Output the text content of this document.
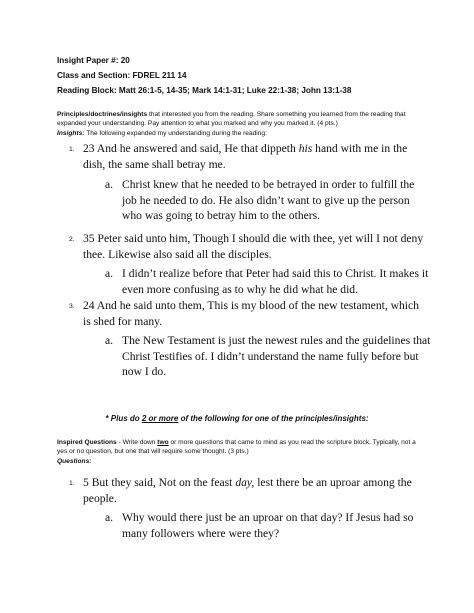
Insight Paper #: 20
Class and Section: FDREL 211 14
Reading Block: Matt 26:1-5, 14-35; Mark 14:1-31; Luke 22:1-38; John 13:1-38
Principles/doctrines/insights that interested you from the reading. Share something you learned from the reading that expanded your understanding. Pay attention to what you marked and why you marked it. (4 pts.)
Insights: The following expanded my understanding during the reading:
1. 23 And he answered and said, He that dippeth his hand with me in the dish, the same shall betray me.
a. Christ knew that he needed to be betrayed in order to fulfill the job he needed to do. He also didn’t want to give up the person who was going to betray him to the others.
2. 35 Peter said unto him, Though I should die with thee, yet will I not deny thee. Likewise also said all the disciples.
a. I didn’t realize before that Peter had said this to Christ. It makes it even more confusing as to why he did what he did.
3. 24 And he said unto them, This is my blood of the new testament, which is shed for many.
a. The New Testament is just the newest rules and the guidelines that Christ Testifies of. I didn’t understand the name fully before but now I do.
* Plus do 2 or more of the following for one of the principles/insights:
Inspired Questions - Write down two or more questions that came to mind as you read the scripture block. Typically, not a yes or no question, but one that will require some thought. (3 pts.)
Questions:
1. 5 But they said, Not on the feast day, lest there be an uproar among the people.
a. Why would there just be an uproar on that day? If Jesus had so many followers where were they?
